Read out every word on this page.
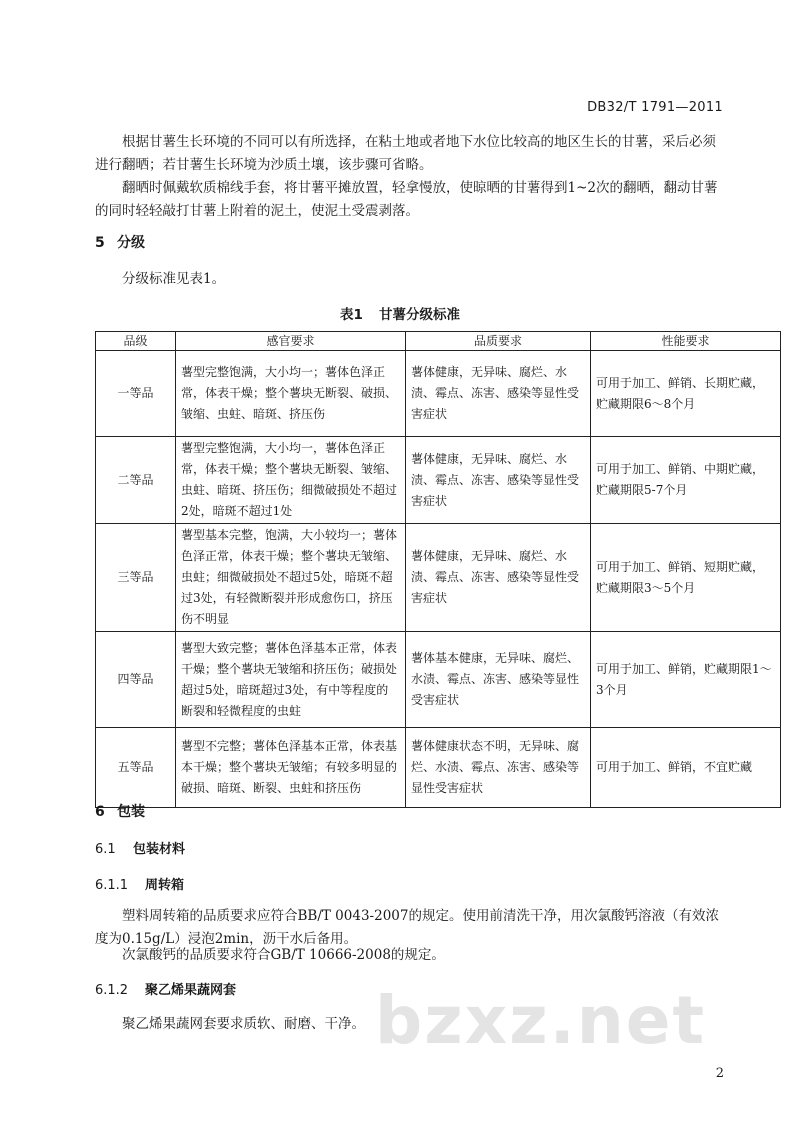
DB32/T 1791—2011
根据甘薯生长环境的不同可以有所选择，在粘土地或者地下水位比较高的地区生长的甘薯，采后必须进行翻晒；若甘薯生长环境为沙质土壤，该步骤可省略。
翻晒时佩戴软质棉线手套，将甘薯平摊放置，轻拿慢放，使晾晒的甘薯得到1~2次的翻晒，翻动甘薯的同时轻轻敲打甘薯上附着的泥土，使泥土受震剥落。
5 分级
分级标准见表1。
表1 甘薯分级标准
品级	感官要求	品质要求	性能要求
一等品	薯型完整饱满，大小均一；薯体色泽正常，体表干燥；整个薯块无断裂、破损、皱缩、虫蛀、暗斑、挤压伤	薯体健康，无异味、腐烂、水渍、霉点、冻害、感染等显性受害症状	可用于加工、鲜销、长期贮藏，贮藏期限6～8个月
二等品	薯型完整饱满，大小均一，薯体色泽正常，体表干燥；整个薯块无断裂、皱缩、虫蛀、暗斑、挤压伤；细微破损处不超过2处，暗斑不超过1处	薯体健康，无异味、腐烂、水渍、霉点、冻害、感染等显性受害症状	可用于加工、鲜销、中期贮藏，贮藏期限5-7个月
三等品	薯型基本完整，饱满，大小较均一；薯体色泽正常，体表干燥；整个薯块无皱缩、虫蛀；细微破损处不超过5处，暗斑不超过3处，有轻微断裂并形成愈伤口，挤压伤不明显	薯体健康，无异味、腐烂、水渍、霉点、冻害、感染等显性受害症状	可用于加工、鲜销、短期贮藏，贮藏期限3～5个月
四等品	薯型大致完整；薯体色泽基本正常，体表干燥；整个薯块无皱缩和挤压伤；破损处超过5处，暗斑超过3处，有中等程度的断裂和轻微程度的虫蛀	薯体基本健康，无异味、腐烂、水渍、霉点、冻害、感染等显性受害症状	可用于加工、鲜销，贮藏期限1～3个月
五等品	薯型不完整；薯体色泽基本正常，体表基本干燥；整个薯块无皱缩；有较多明显的破损、暗斑、断裂、虫蛀和挤压伤	薯体健康状态不明，无异味、腐烂、水渍、霉点、冻害、感染等显性受害症状	可用于加工、鲜销，不宜贮藏
6 包装
6.1 包装材料
6.1.1 周转箱
塑料周转箱的品质要求应符合BB/T 0043-2007的规定。使用前清洗干净，用次氯酸钙溶液（有效浓度为0.15g/L）浸泡2min，沥干水后备用。
次氯酸钙的品质要求符合GB/T 10666-2008的规定。
6.1.2 聚乙烯果蔬网套
聚乙烯果蔬网套要求质软、耐磨、干净。 bzxz.net
2
